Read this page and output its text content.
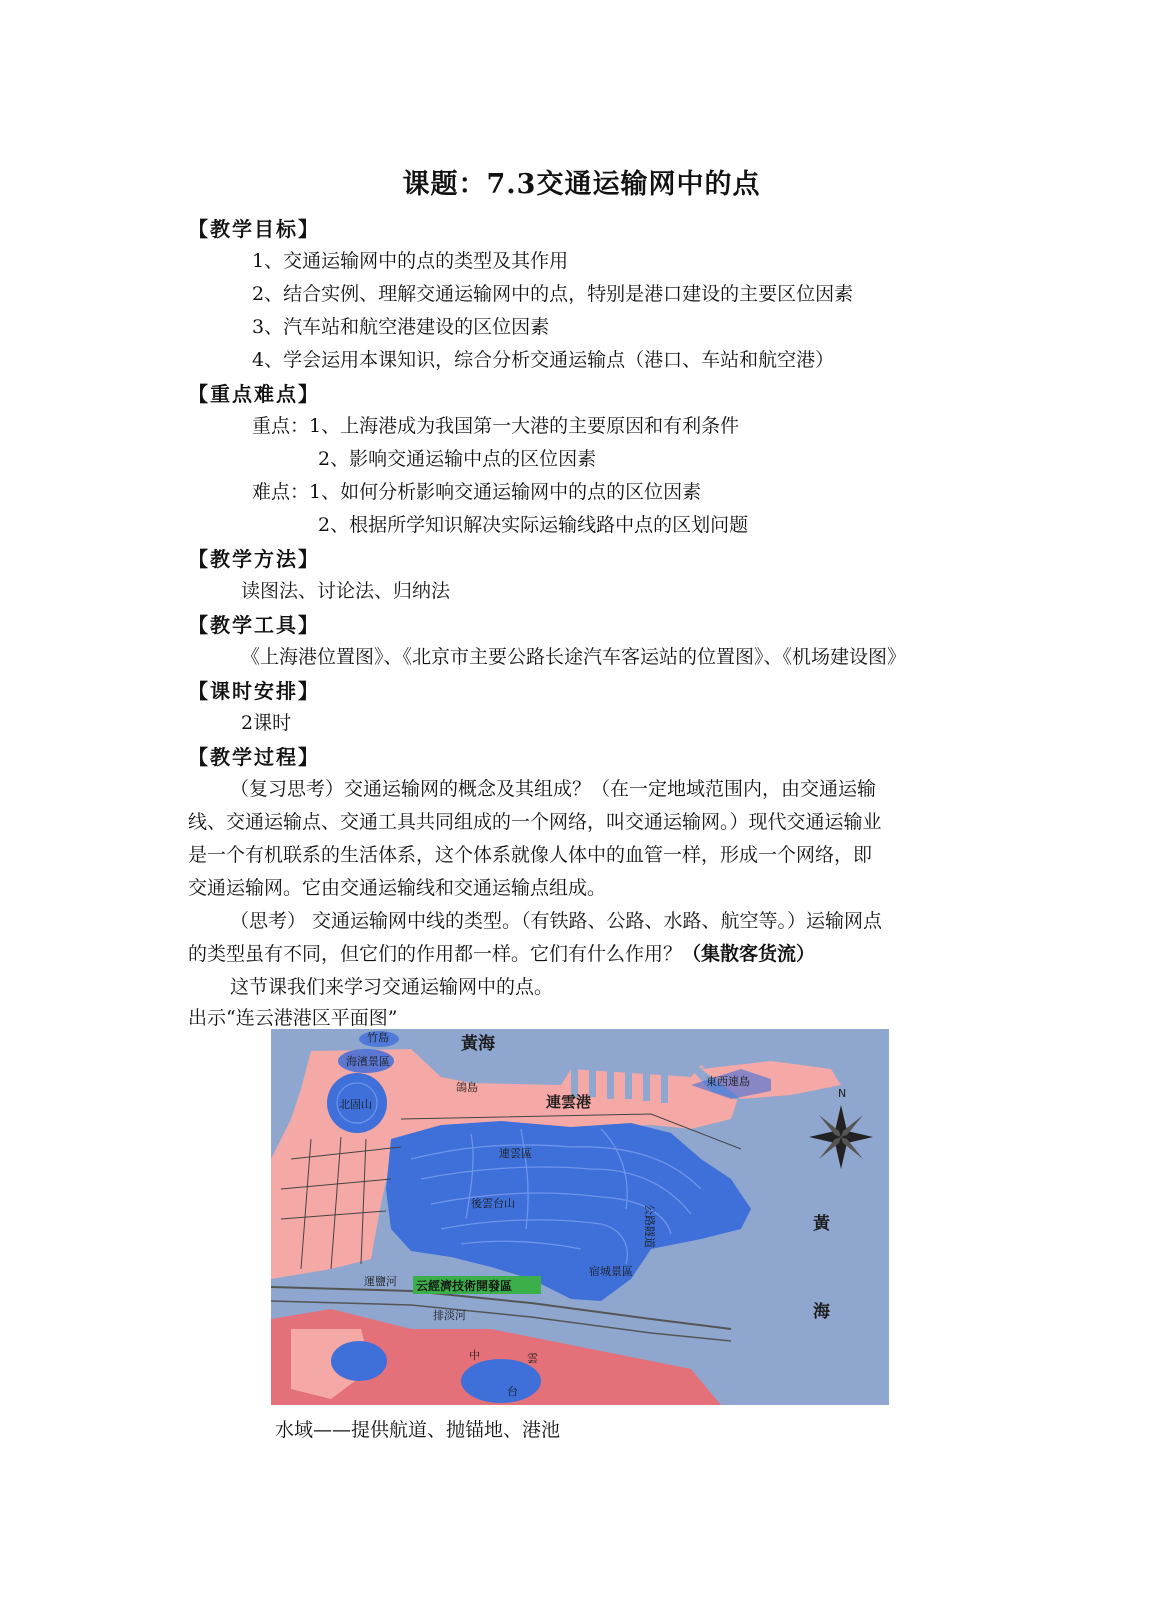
课题：7.3交通运输网中的点
【教学目标】
1、交通运输网中的点的类型及其作用
2、结合实例、理解交通运输网中的点，特别是港口建设的主要区位因素
3、汽车站和航空港建设的区位因素
4、学会运用本课知识，综合分析交通运输点（港口、车站和航空港）
【重点难点】
重点：1、上海港成为我国第一大港的主要原因和有利条件
2、影响交通运输中点的区位因素
难点：1、如何分析影响交通运输网中的点的区位因素
2、根据所学知识解决实际运输线路中点的区划问题
【教学方法】
读图法、讨论法、归纳法
【教学工具】
《上海港位置图》、《北京市主要公路长途汽车客运站的位置图》、《机场建设图》
【课时安排】
2课时
【教学过程】
（复习思考）交通运输网的概念及其组成？（在一定地域范围内，由交通运输
线、交通运输点、交通工具共同组成的一个网络，叫交通运输网。）现代交通运输业
是一个有机联系的生活体系，这个体系就像人体中的血管一样，形成一个网络，即
交通运输网。它由交通运输线和交通运输点组成。
（思考） 交通运输网中线的类型。（有铁路、公路、水路、航空等。）运输网点
的类型虽有不同，但它们的作用都一样。它们有什么作用？（集散客货流）
这节课我们来学习交通运输网中的点。
出示“连云港港区平面图”
N
黃海
連雲港
連雲區
後雲台山
東西連島
海濱景區
北固山
鴿島
竹島
公路隧道
宿城景區
運鹽河 云經濟技術開發區
排淡河
中	雲
台
黃
海
水域——提供航道、抛锚地、港池
